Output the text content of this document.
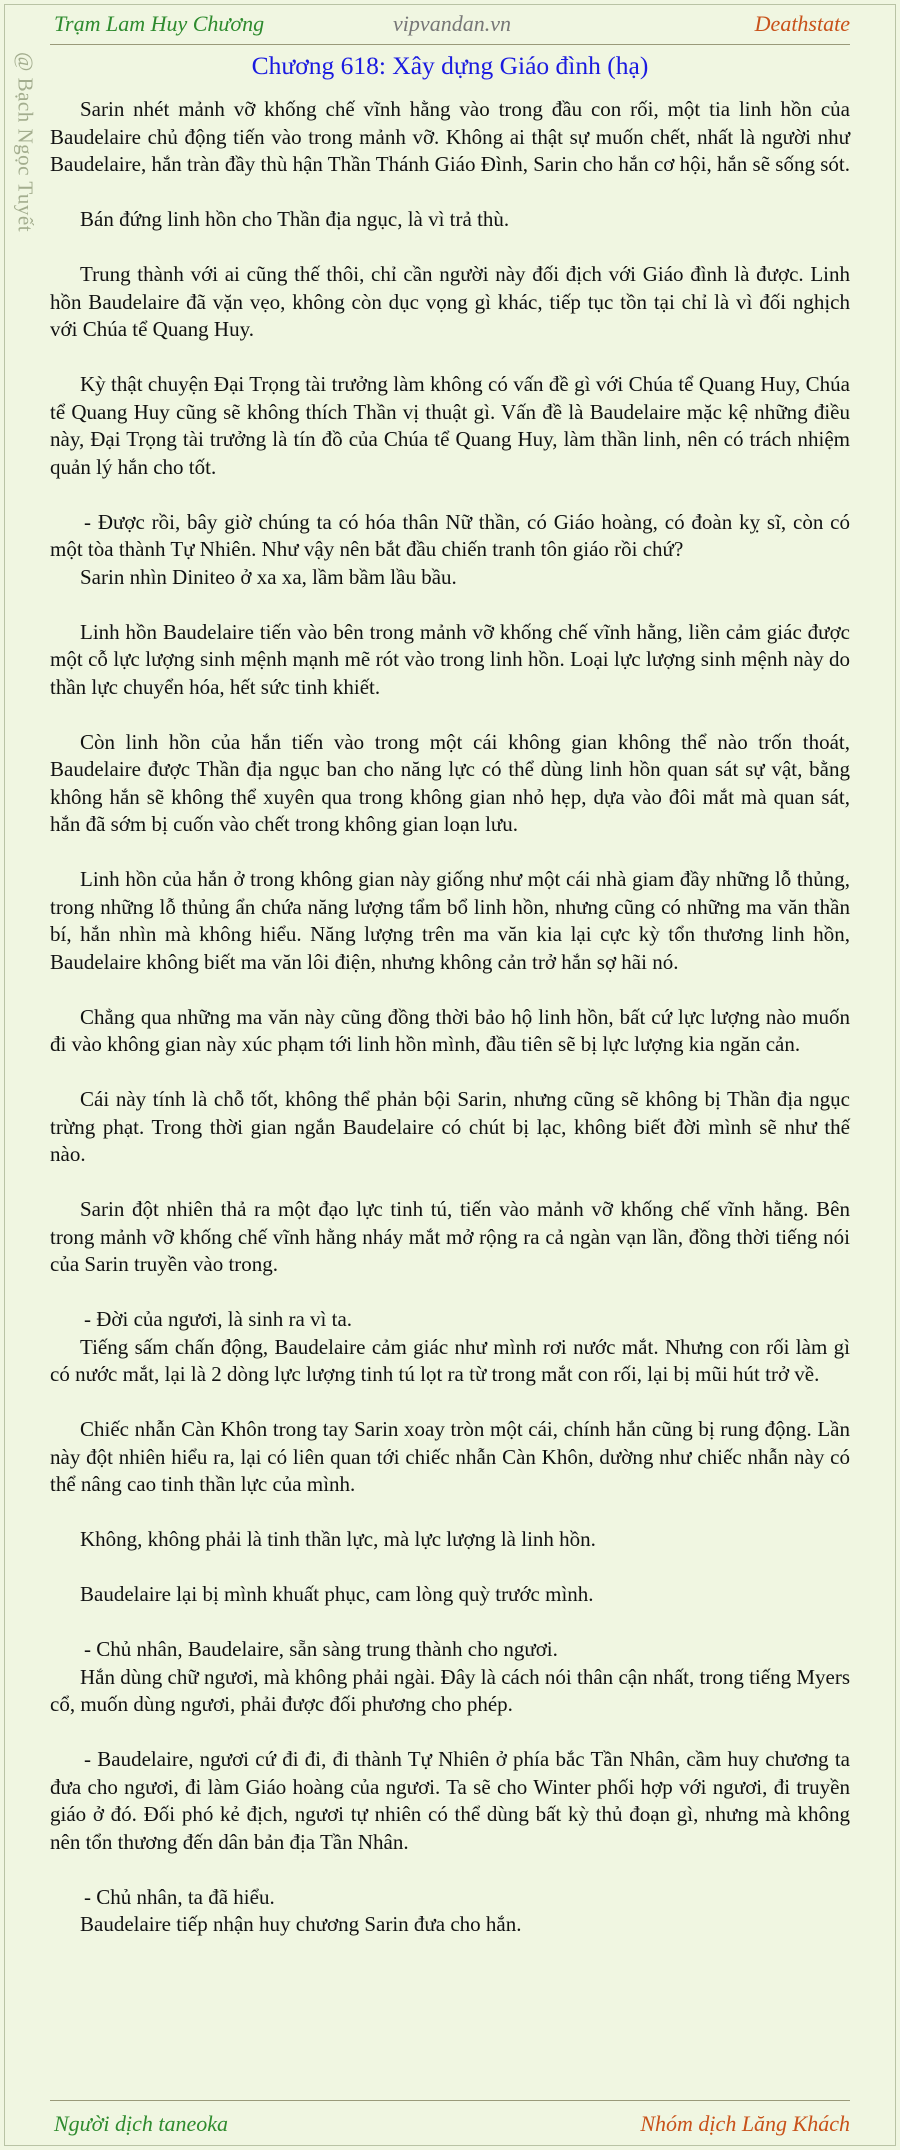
Trạm Lam Huy Chương	vipvandan.vn	Deathstate
@ Bạch Ngọc Tuyết	Chương 618: Xây dựng Giáo đình (hạ)

Sarin nhét mảnh vỡ khống chế vĩnh hằng vào trong đầu con rối, một tia linh hồn của Baudelaire chủ động tiến vào trong mảnh vỡ. Không ai thật sự muốn chết, nhất là người như Baudelaire, hắn tràn đầy thù hận Thần Thánh Giáo Đình, Sarin cho hắn cơ hội, hắn sẽ sống sót.

Bán đứng linh hồn cho Thần địa ngục, là vì trả thù.

Trung thành với ai cũng thế thôi, chỉ cần người này đối địch với Giáo đình là được. Linh hồn Baudelaire đã vặn vẹo, không còn dục vọng gì khác, tiếp tục tồn tại chỉ là vì đối nghịch với Chúa tể Quang Huy.

Kỳ thật chuyện Đại Trọng tài trưởng làm không có vấn đề gì với Chúa tể Quang Huy, Chúa tể Quang Huy cũng sẽ không thích Thần vị thuật gì. Vấn đề là Baudelaire mặc kệ những điều này, Đại Trọng tài trưởng là tín đồ của Chúa tể Quang Huy, làm thần linh, nên có trách nhiệm quản lý hắn cho tốt.

- Được rồi, bây giờ chúng ta có hóa thân Nữ thần, có Giáo hoàng, có đoàn kỵ sĩ, còn có một tòa thành Tự Nhiên. Như vậy nên bắt đầu chiến tranh tôn giáo rồi chứ?

Sarin nhìn Diniteo ở xa xa, lầm bầm lầu bầu.

Linh hồn Baudelaire tiến vào bên trong mảnh vỡ khống chế vĩnh hằng, liền cảm giác được một cỗ lực lượng sinh mệnh mạnh mẽ rót vào trong linh hồn. Loại lực lượng sinh mệnh này do thần lực chuyển hóa, hết sức tinh khiết.

Còn linh hồn của hắn tiến vào trong một cái không gian không thể nào trốn thoát, Baudelaire được Thần địa ngục ban cho năng lực có thể dùng linh hồn quan sát sự vật, bằng không hắn sẽ không thể xuyên qua trong không gian nhỏ hẹp, dựa vào đôi mắt mà quan sát, hắn đã sớm bị cuốn vào chết trong không gian loạn lưu.

Linh hồn của hắn ở trong không gian này giống như một cái nhà giam đầy những lỗ thủng, trong những lỗ thủng ẩn chứa năng lượng tẩm bổ linh hồn, nhưng cũng có những ma văn thần bí, hắn nhìn mà không hiểu. Năng lượng trên ma văn kia lại cực kỳ tổn thương linh hồn, Baudelaire không biết ma văn lôi điện, nhưng không cản trở hắn sợ hãi nó.

Chẳng qua những ma văn này cũng đồng thời bảo hộ linh hồn, bất cứ lực lượng nào muốn đi vào không gian này xúc phạm tới linh hồn mình, đầu tiên sẽ bị lực lượng kia ngăn cản.

Cái này tính là chỗ tốt, không thể phản bội Sarin, nhưng cũng sẽ không bị Thần địa ngục trừng phạt. Trong thời gian ngắn Baudelaire có chút bị lạc, không biết đời mình sẽ như thế nào.

Sarin đột nhiên thả ra một đạo lực tinh tú, tiến vào mảnh vỡ khống chế vĩnh hằng. Bên trong mảnh vỡ khống chế vĩnh hằng nháy mắt mở rộng ra cả ngàn vạn lần, đồng thời tiếng nói của Sarin truyền vào trong.

- Đời của ngươi, là sinh ra vì ta.

Tiếng sấm chấn động, Baudelaire cảm giác như mình rơi nước mắt. Nhưng con rối làm gì có nước mắt, lại là 2 dòng lực lượng tinh tú lọt ra từ trong mắt con rối, lại bị mũi hút trở về.

Chiếc nhẫn Càn Khôn trong tay Sarin xoay tròn một cái, chính hắn cũng bị rung động. Lần này đột nhiên hiểu ra, lại có liên quan tới chiếc nhẫn Càn Khôn, dường như chiếc nhẫn này có thể nâng cao tinh thần lực của mình.

Không, không phải là tinh thần lực, mà lực lượng là linh hồn.

Baudelaire lại bị mình khuất phục, cam lòng quỳ trước mình.

- Chủ nhân, Baudelaire, sẵn sàng trung thành cho ngươi.

Hắn dùng chữ ngươi, mà không phải ngài. Đây là cách nói thân cận nhất, trong tiếng Myers cổ, muốn dùng ngươi, phải được đối phương cho phép.

- Baudelaire, ngươi cứ đi đi, đi thành Tự Nhiên ở phía bắc Tần Nhân, cầm huy chương ta đưa cho ngươi, đi làm Giáo hoàng của ngươi. Ta sẽ cho Winter phối hợp với ngươi, đi truyền giáo ở đó. Đối phó kẻ địch, ngươi tự nhiên có thể dùng bất kỳ thủ đoạn gì, nhưng mà không nên tổn thương đến dân bản địa Tần Nhân.

- Chủ nhân, ta đã hiểu.

Baudelaire tiếp nhận huy chương Sarin đưa cho hắn.

Người dịch taneoka	Nhóm dịch Lăng Khách
